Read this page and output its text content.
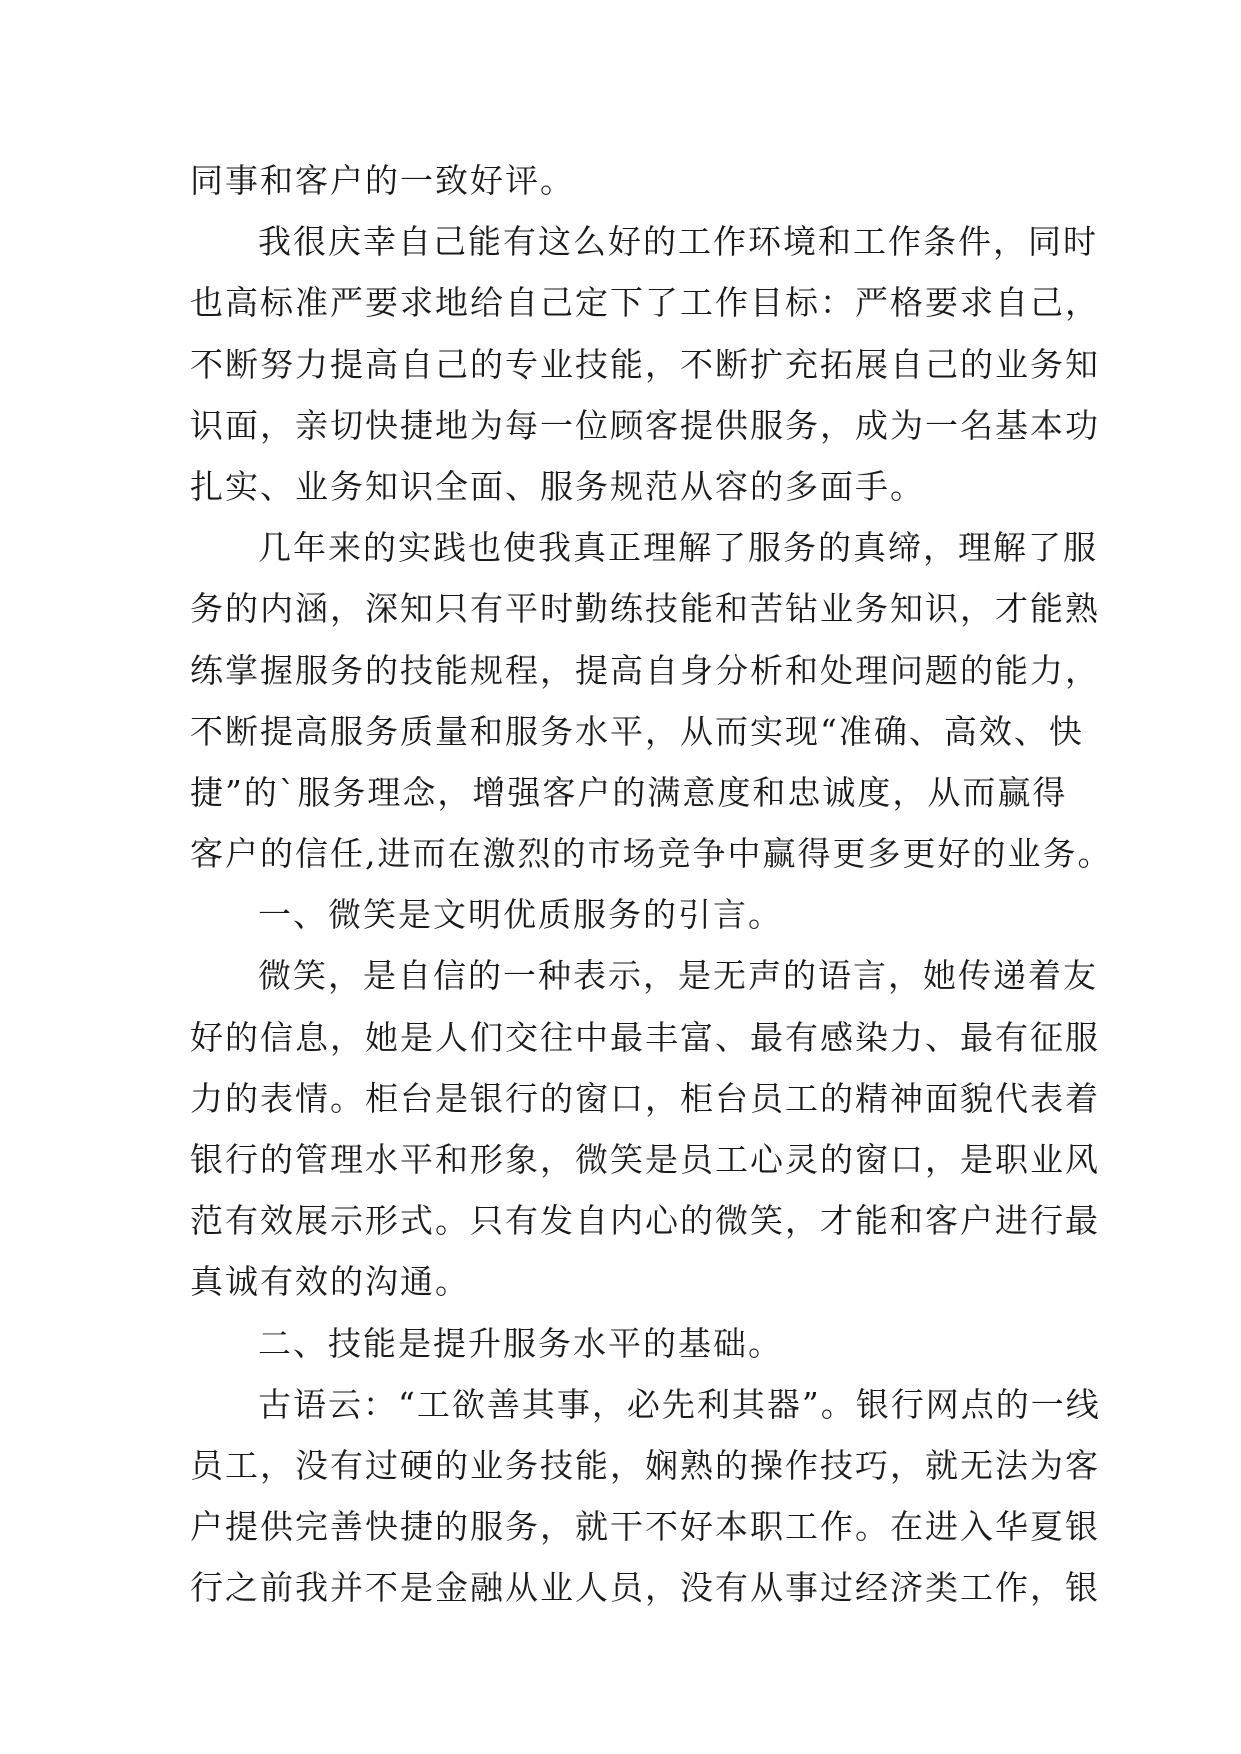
同事和客户的一致好评。
我很庆幸自己能有这么好的工作环境和工作条件，同时
也高标准严要求地给自己定下了工作目标：严格要求自己，
不断努力提高自己的专业技能，不断扩充拓展自己的业务知
识面，亲切快捷地为每一位顾客提供服务，成为一名基本功
扎实、业务知识全面、服务规范从容的多面手。
几年来的实践也使我真正理解了服务的真缔，理解了服
务的内涵，深知只有平时勤练技能和苦钻业务知识，才能熟
练掌握服务的技能规程，提高自身分析和处理问题的能力，
不断提高服务质量和服务水平，从而实现“准确、高效、快
捷”的`服务理念，增强客户的满意度和忠诚度，从而赢得
客户的信任,进而在激烈的市场竞争中赢得更多更好的业务。
一、微笑是文明优质服务的引言。
微笑，是自信的一种表示，是无声的语言，她传递着友
好的信息，她是人们交往中最丰富、最有感染力、最有征服
力的表情。柜台是银行的窗口，柜台员工的精神面貌代表着
银行的管理水平和形象，微笑是员工心灵的窗口，是职业风
范有效展示形式。只有发自内心的微笑，才能和客户进行最
真诚有效的沟通。
二、技能是提升服务水平的基础。
古语云：“工欲善其事，必先利其器”。银行网点的一线
员工，没有过硬的业务技能，娴熟的操作技巧，就无法为客
户提供完善快捷的服务，就干不好本职工作。在进入华夏银
行之前我并不是金融从业人员，没有从事过经济类工作，银
